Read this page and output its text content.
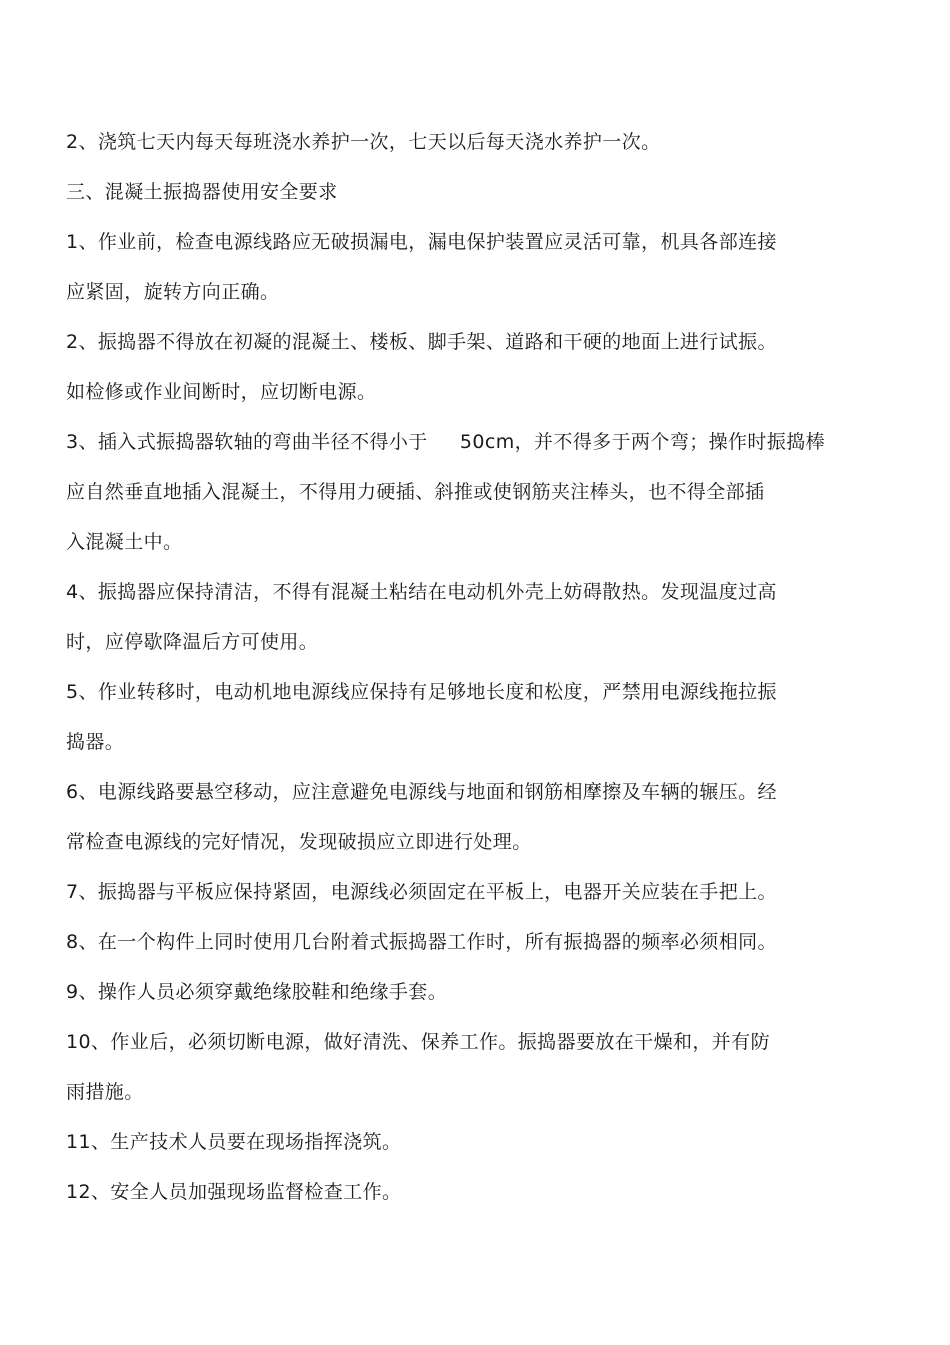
2、浇筑七天内每天每班浇水养护一次，七天以后每天浇水养护一次。
三、混凝土振捣器使用安全要求
1、作业前，检查电源线路应无破损漏电，漏电保护装置应灵活可靠，机具各部连接
应紧固，旋转方向正确。
2、振捣器不得放在初凝的混凝土、楼板、脚手架、道路和干硬的地面上进行试振。
如检修或作业间断时，应切断电源。
3、插入式振捣器软轴的弯曲半径不得小于     50cm，并不得多于两个弯；操作时振捣棒
应自然垂直地插入混凝土，不得用力硬插、斜推或使钢筋夹注棒头，也不得全部插
入混凝土中。
4、振捣器应保持清洁，不得有混凝土粘结在电动机外壳上妨碍散热。发现温度过高
时，应停歇降温后方可使用。
5、作业转移时，电动机地电源线应保持有足够地长度和松度，严禁用电源线拖拉振
捣器。
6、电源线路要悬空移动，应注意避免电源线与地面和钢筋相摩擦及车辆的辗压。经
常检查电源线的完好情况，发现破损应立即进行处理。
7、振捣器与平板应保持紧固，电源线必须固定在平板上，电器开关应装在手把上。
8、在一个构件上同时使用几台附着式振捣器工作时，所有振捣器的频率必须相同。
9、操作人员必须穿戴绝缘胶鞋和绝缘手套。
10、作业后，必须切断电源，做好清洗、保养工作。振捣器要放在干燥和，并有防
雨措施。
11、生产技术人员要在现场指挥浇筑。
12、安全人员加强现场监督检查工作。
